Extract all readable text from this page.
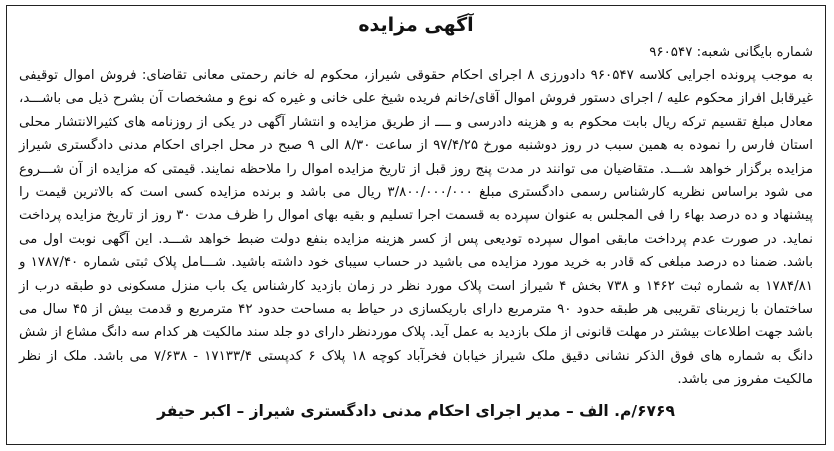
آگهی مزایده

شماره بایگانی شعبه: ۹۶۰۵۴۷

به موجب پرونده اجرایی کلاسه ۹۶۰۵۴۷ دادورزی ۸ اجرای احکام حقوقی شیراز، محکوم له خانم رحمتی معانی تقاضای: فروش اموال توقیفی غیرقابل افراز محکوم علیه / اجرای دستور فروش اموال آقای/خانم فریده شیخ علی خانی و غیره که نوع و مشخصات آن بشرح ذیل می باشـــد، معادل مبلغ تقسیم ترکه ریال بابت محکوم به و هزینه دادرسی و ــــ از طریق مزایده و انتشار آگهی در یکی از روزنامه های کثیرالانتشار محلی استان فارس را نموده به همین سبب در روز دوشنبه مورخ ۹۷/۴/۲۵ از ساعت ۸/۳۰ الی ۹ صبح در محل اجرای احکام مدنی دادگستری شیراز مزایده برگزار خواهد شـــد. متقاضیان می توانند در مدت پنج روز قبل از تاریخ مزایده اموال را ملاحظه نمایند. قیمتی که مزایده از آن شـــروع می شود براساس نظریه کارشناس رسمی دادگستری مبلغ ۳/۸۰۰/۰۰۰/۰۰۰ ریال می باشد و برنده مزایده کسی است که بالاترین قیمت را پیشنهاد و ده درصد بهاء را فی المجلس به عنوان سپرده به قسمت اجرا تسلیم و بقیه بهای اموال را ظرف مدت ۳۰ روز از تاریخ مزایده پرداخت نماید. در صورت عدم پرداخت مابقی اموال سپرده تودیعی پس از کسر هزینه مزایده بنفع دولت ضبط خواهد شـــد. این آگهی نوبت اول می باشد. ضمنا ده درصد مبلغی که قادر به خرید مورد مزایده می باشید در حساب سیبای خود داشته باشید. شـــامل پلاک ثبتی شماره ۱۷۸۷/۴۰ و ۱۷۸۴/۸۱ به شماره ثبت ۱۴۶۲ و ۷۳۸ بخش ۴ شیراز است پلاک مورد نظر در زمان بازدید کارشناس یک باب منزل مسکونی دو طبقه درب از ساختمان با زیربنای تقریبی هر طبقه حدود ۹۰ مترمربع دارای باریکسازی در حیاط به مساحت حدود ۴۲ مترمربع و قدمت بیش از ۴۵ سال می باشد جهت اطلاعات بیشتر در مهلت قانونی از ملک بازدید به عمل آید. پلاک موردنظر دارای دو جلد سند مالکیت هر کدام سه دانگ مشاع از شش دانگ به شماره های فوق الذکر نشانی دقیق ملک شیراز خیابان فخرآباد کوچه ۱۸ پلاک ۶ کدپستی ۱۷۱۳۳/۴ - ۷/۶۳۸ می باشد. ملک از نظر مالکیت مفروز می باشد.

۶۷۶۹/م. الف – مدیر اجرای احکام مدنی دادگستری شیراز – اکبر حیفر
